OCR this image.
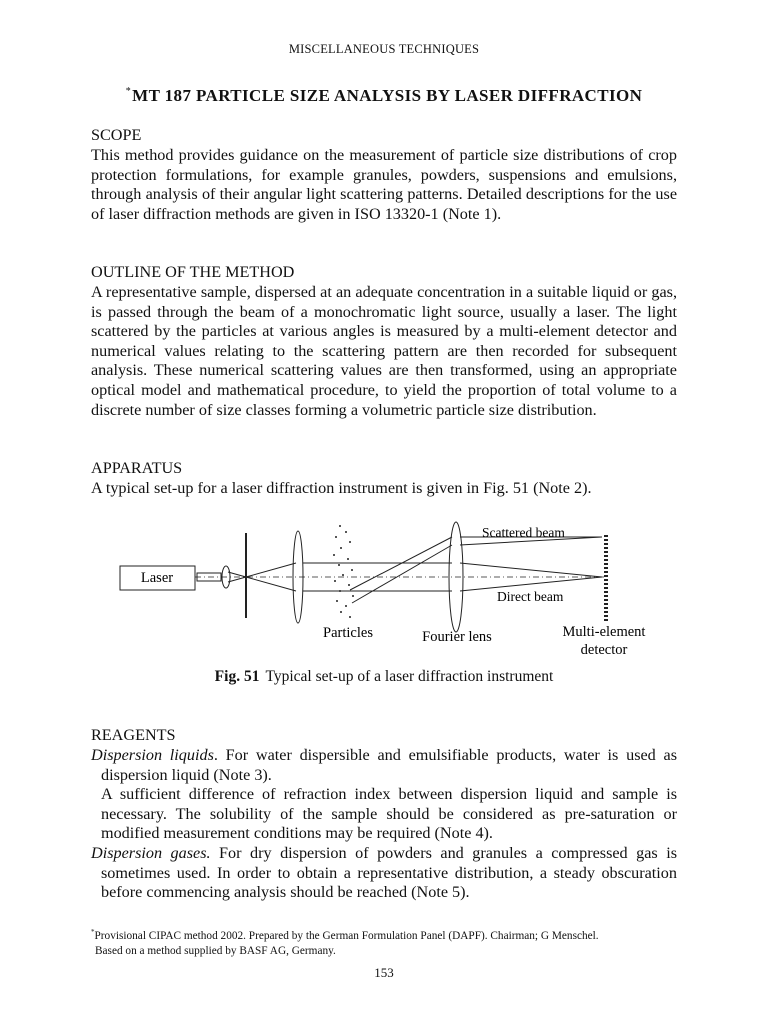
MISCELLANEOUS TECHNIQUES
*MT 187 PARTICLE SIZE ANALYSIS BY LASER DIFFRACTION
SCOPE

This method provides guidance on the measurement of particle size distributions of crop protection formulations, for example granules, powders, suspensions and emulsions, through analysis of their angular light scattering patterns. Detailed descriptions for the use of laser diffraction methods are given in ISO 13320-1 (Note 1).

OUTLINE OF THE METHOD

A representative sample, dispersed at an adequate concentration in a suitable liquid or gas, is passed through the beam of a monochromatic light source, usually a laser. The light scattered by the particles at various angles is measured by a multi-element detector and numerical values relating to the scattering pattern are then recorded for subsequent analysis. These numerical scattering values are then transformed, using an appropriate optical model and mathematical procedure, to yield the proportion of total volume to a discrete number of size classes forming a volumetric particle size distribution.

APPARATUS

A typical set-up for a laser diffraction instrument is given in Fig. 51 (Note 2).

Laser
Scattered beam
Direct beam
Particles	Fourier lens	Multi-element
detector
Fig. 51 Typical set-up of a laser diffraction instrument
REAGENTS

Dispersion liquids. For water dispersible and emulsifiable products, water is used as dispersion liquid (Note 3).

A sufficient difference of refraction index between dispersion liquid and sample is necessary. The solubility of the sample should be considered as pre-saturation or modified measurement conditions may be required (Note 4).

Dispersion gases. For dry dispersion of powders and granules a compressed gas is sometimes used. In order to obtain a representative distribution, a steady obscuration before commencing analysis should be reached (Note 5).

*Provisional CIPAC method 2002. Prepared by the German Formulation Panel (DAPF). Chairman; G Menschel.
Based on a method supplied by BASF AG, Germany.
153
